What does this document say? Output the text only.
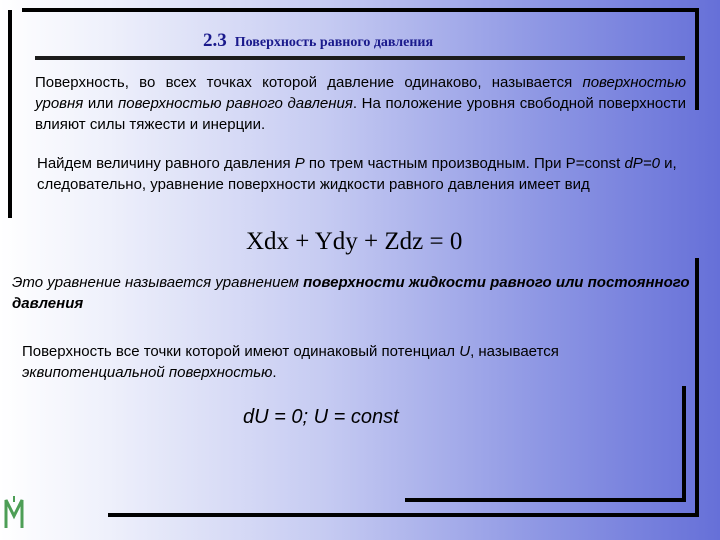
2.3 Поверхность равного давления

Поверхность, во всех точках которой давление одинаково, называется поверхностью уровня или поверхностью равного давления. На положение уровня свободной поверхности влияют силы тяжести и инерции.

Найдем величину равного давления P по трем частным производным. При P=const dP=0 и, следовательно, уравнение поверхности жидкости равного давления имеет вид

Xdx + Ydy + Zdz = 0

Это уравнение называется уравнением поверхности жидкости равного или постоянного давления

Поверхность все точки которой имеют одинаковый потенциал U, называется эквипотенциальной поверхностью.

dU = 0; U = const
